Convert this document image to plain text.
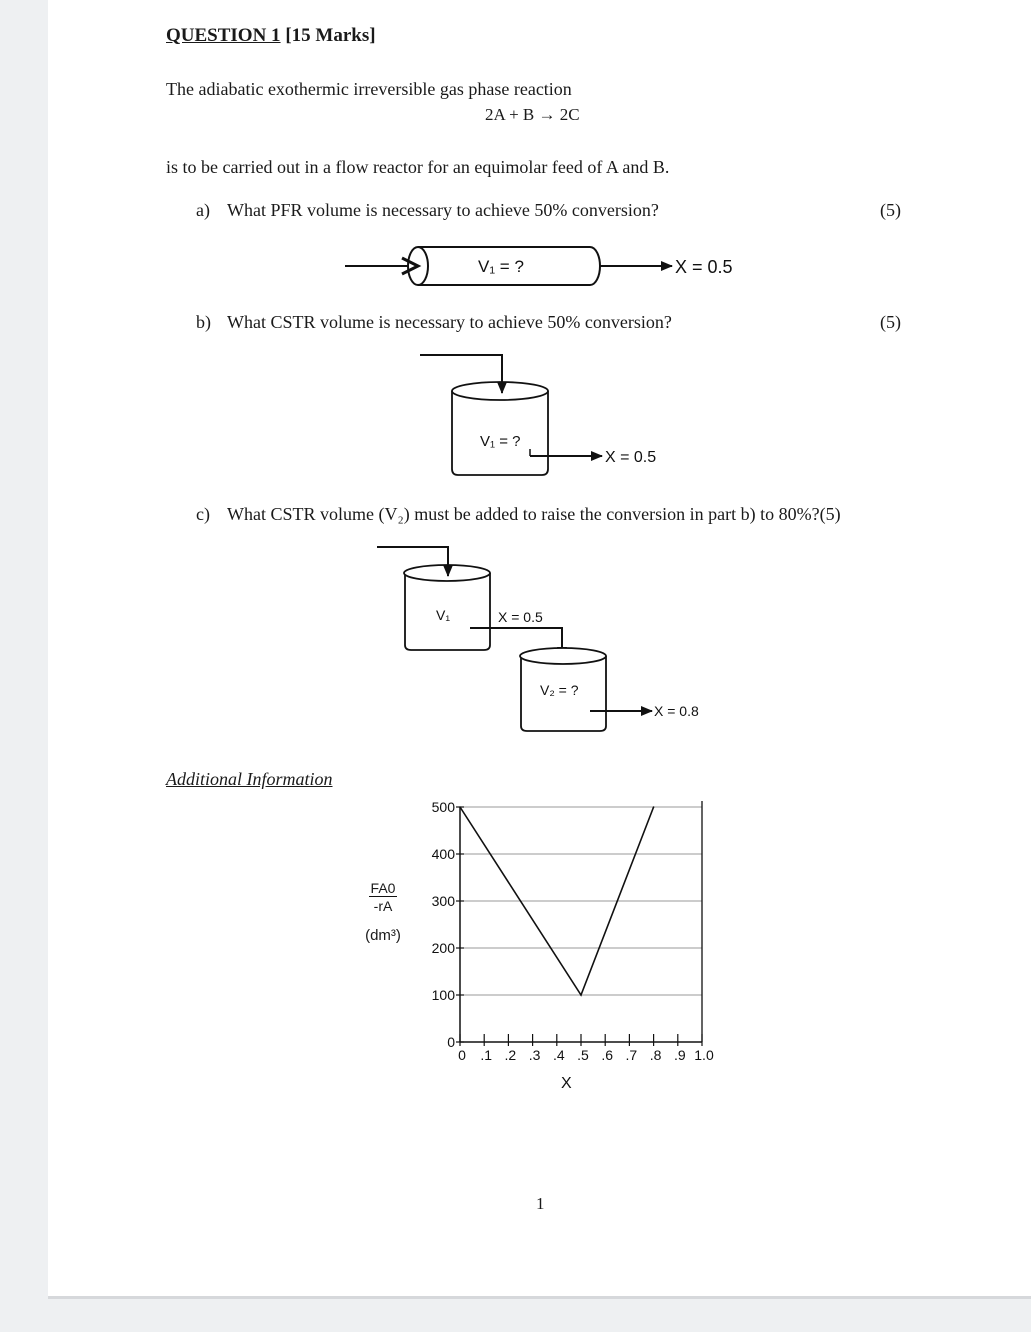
QUESTION 1 [15 Marks]
The adiabatic exothermic irreversible gas phase reaction
2A + B → 2C
is to be carried out in a flow reactor for an equimolar feed of A and B.
a) What PFR volume is necessary to achieve 50% conversion?	(5)
V₁ = ?	X = 0.5
b) What CSTR volume is necessary to achieve 50% conversion?	(5)
V₁ = ?
X = 0.5
c) What CSTR volume (V₂) must be added to raise the conversion in part b) to 80%?(5)
V₁	X = 0.5
V₂ = ?
X = 0.8
Additional Information
FA0
-rA
(dm³)
0
100
200
300
400
500
0 .1 .2 .3 .4 .5 .6 .7 .8 .9 1.0
X
1
